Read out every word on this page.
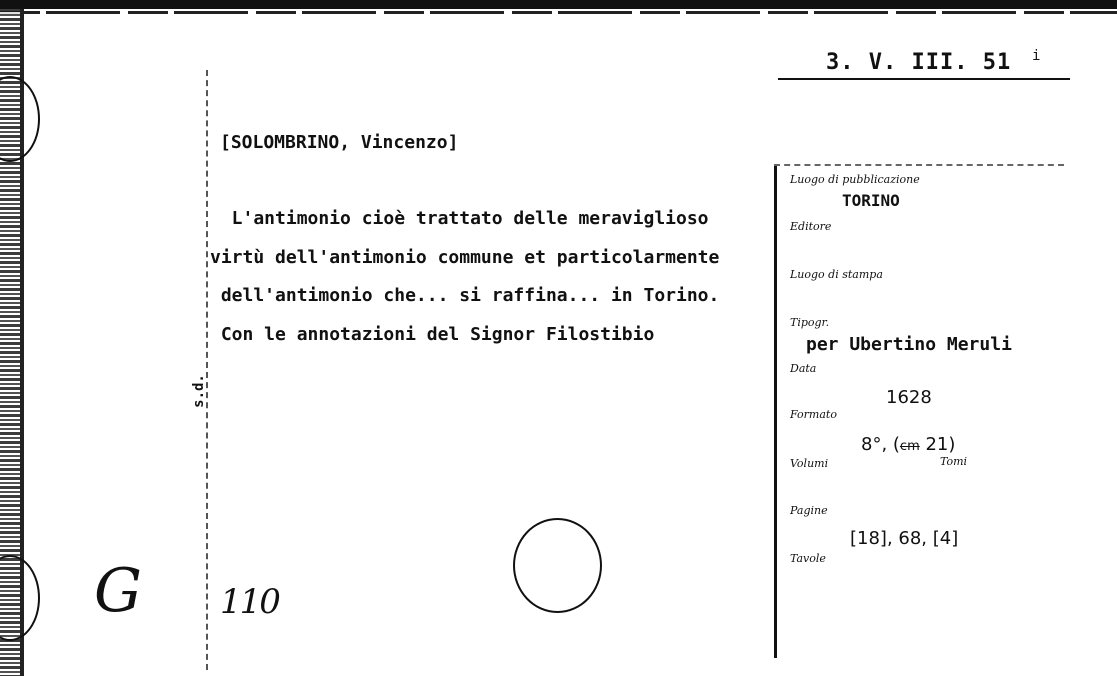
3. V. III. 51 i
[SOLOMBRINO, Vincenzo]
L'antimonio cioè trattato delle meraviglioso
virtù dell'antimonio commune et particolarmente
dell'antimonio che... si raffina... in Torino.
Con le annotazioni del Signor Filostibio
s.d.
Luogo di pubblicazione
TORINO
Editore
Luogo di stampa
Tipogr.
per Ubertino Meruli
Data
1628
Formato
8°, (cm 21)
Volumi	Tomi
Pagine
Tavole
[18], 68, [4]
G 110
